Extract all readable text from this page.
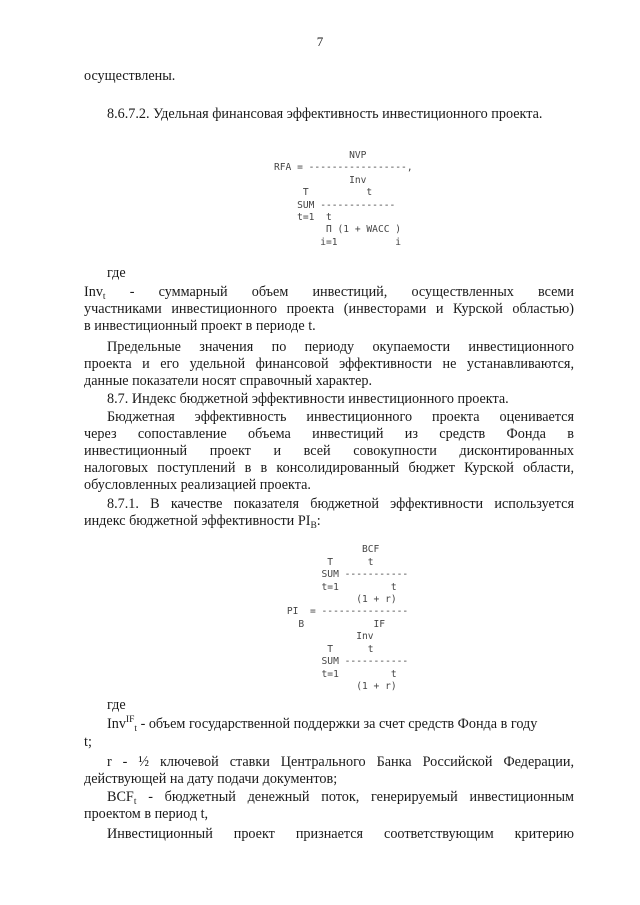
7
осуществлены.
8.6.7.2. Удельная финансовая эффективность инвестиционного проекта.
NVP
RFA = -----------------,
Inv
T          t
SUM -------------
t=1  t
П (1 + WACC )
i=1          i
где
Inv$_t$ - суммарный объем инвестиций, осуществленных всеми
участниками инвестиционного проекта (инвесторами и Курской областью)
в инвестиционный проект в периоде t.
Предельные значения по периоду окупаемости инвестиционного
проекта и его удельной финансовой эффективности не устанавливаются,
данные показатели носят справочный характер.
8.7. Индекс бюджетной эффективности инвестиционного проекта.
Бюджетная эффективность инвестиционного проекта оценивается
через сопоставление объема инвестиций из средств Фонда в
инвестиционный проект и всей совокупности дисконтированных
налоговых поступлений в в консолидированный бюджет Курской области,
обусловленных реализацией проекта.
8.7.1. В качестве показателя бюджетной эффективности используется
индекс бюджетной эффективности $PI_B$:
BCF
T      t
SUM -----------
t=1         t
(1 + r)
PI  = ---------------
B            IF
Inv
T      t
SUM -----------
t=1         t
(1 + r)
где
Inv$^{IF}_t$ - объем государственной поддержки за счет средств Фонда в году
t;
r - ½ ключевой ставки Центрального Банка Российской Федерации,
действующей на дату подачи документов;
$BCF_t$ - бюджетный денежный поток, генерируемый инвестиционным
проектом в период t,
Инвестиционный проект признается соответствующим критерию
